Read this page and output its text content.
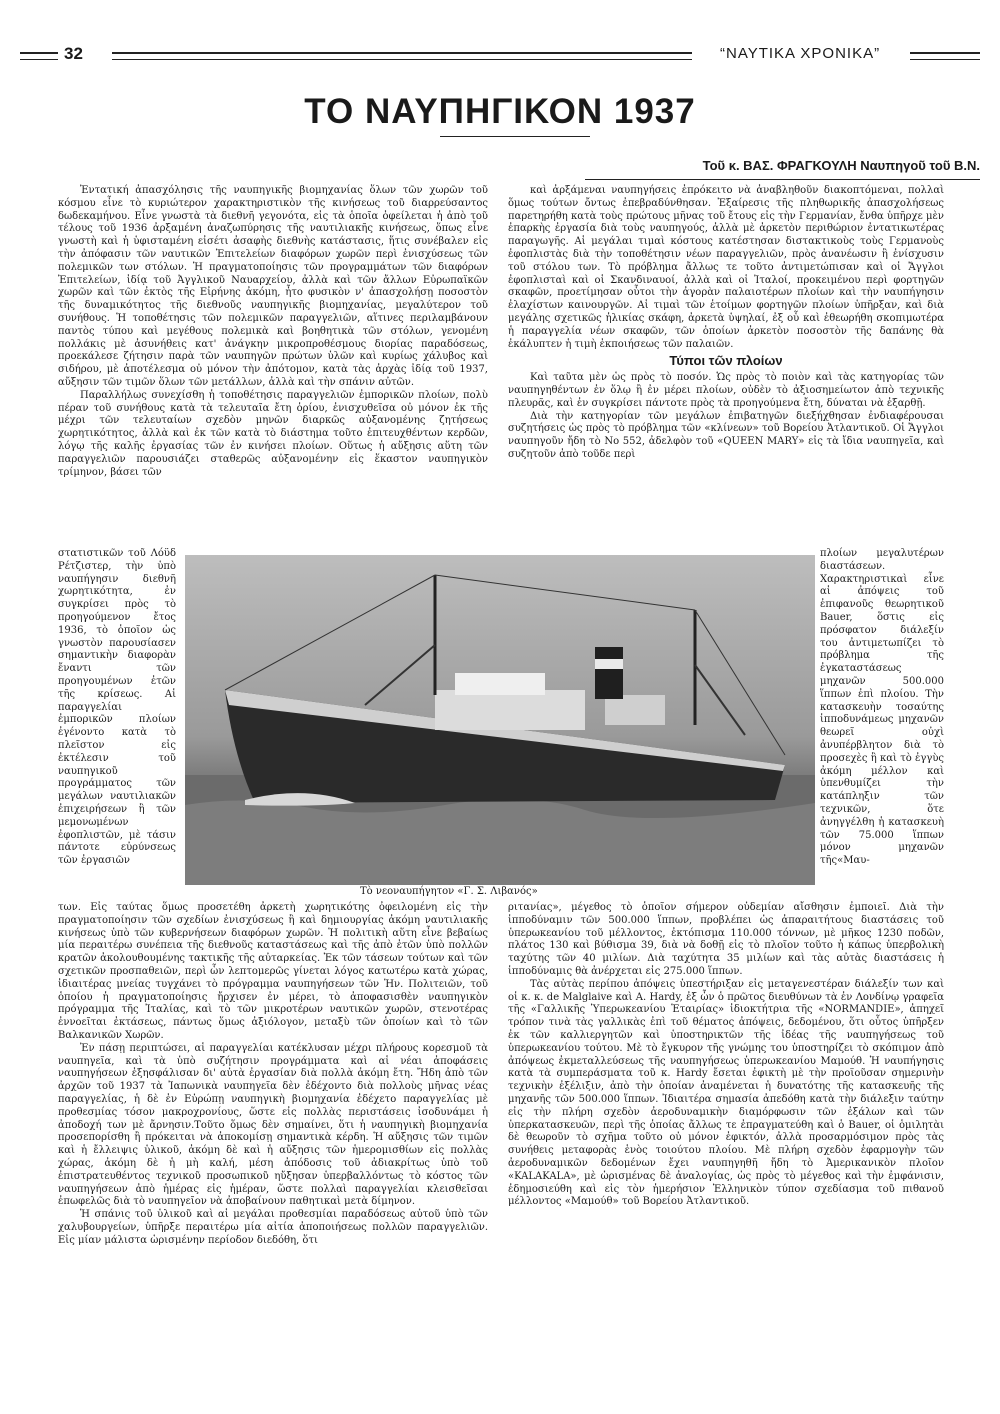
32	“ΝΑΥΤΙΚΑ ΧΡΟΝΙΚΑ”
ΤΟ ΝΑΥΠΗΓΙΚΟΝ 1937
Τοῦ κ. ΒΑΣ. ΦΡΑΓΚΟΥΛΗ Ναυπηγοῦ τοῦ Β.Ν.

Ἐντατική ἀπασχόλησις τῆς ναυπηγικῆς βιομηχανίας ὅλων τῶν χωρῶν τοῦ κόσμου εἶνε τὸ κυριώτερον χαρακτηριστικὸν τῆς κινήσεως τοῦ διαρρεύσαντος δωδεκαμήνου. Εἶνε γνωστὰ τὰ διεθνῆ γεγονότα, εἰς τὰ ὁποῖα ὀφείλεται ἡ ἀπὸ τοῦ τέλους τοῦ 1936 ἀρξαμένη ἀναζωπύρησις τῆς ναυτιλιακῆς κινήσεως, ὅπως εἶνε γνωστὴ καὶ ἡ ὑφισταμένη εἰσέτι ἀσαφὴς διεθνὴς κατάστασις, ἥτις συνέβαλεν εἰς τὴν ἀπόφασιν τῶν ναυτικῶν Ἐπιτελείων διαφόρων χωρῶν περὶ ἐνισχύσεως τῶν πολεμικῶν των στόλων. Ἡ πραγματοποίησις τῶν προγραμμάτων τῶν διαφόρων Ἐπιτελείων, ἰδίᾳ τοῦ Ἀγγλικοῦ Ναυαρχείου, ἀλλὰ καὶ τῶν ἄλλων Εὐρωπαϊκῶν χωρῶν καὶ τῶν ἐκτὸς τῆς Εἰρήνης ἀκόμη, ἦτο φυσικὸν ν' ἀπασχολήσῃ ποσοστὸν τῆς δυναμικότητος τῆς διεθνοῦς ναυπηγικῆς βιομηχανίας, μεγαλύτερον τοῦ συνήθους. Ἡ τοποθέτησις τῶν πολεμικῶν παραγγελιῶν, αἵτινες περιλαμβάνουν παντὸς τύπου καὶ μεγέθους πολεμικὰ καὶ βοηθητικὰ τῶν στόλων, γενομένη πολλάκις μὲ ἀσυνήθεις κατ' ἀνάγκην μικροπροθέσμους διορίας παραδόσεως, προεκάλεσε ζήτησιν παρὰ τῶν ναυπηγῶν πρώτων ὑλῶν καὶ κυρίως χάλυβος καὶ σιδήρου, μὲ ἀποτέλεσμα οὐ μόνον τὴν ἀπότομον, κατὰ τὰς ἀρχὰς ἰδίᾳ τοῦ 1937, αὔξησιν τῶν τιμῶν ὅλων τῶν μετάλλων, ἀλλὰ καὶ τὴν σπάνιν αὐτῶν.

Παραλλήλως συνεχίσθη ἡ τοποθέτησις παραγγελιῶν ἐμπορικῶν πλοίων, πολὺ πέραν τοῦ συνήθους κατὰ τὰ τελευταῖα ἔτη ὁρίου, ἐνισχυθεῖσα οὐ μόνον ἐκ τῆς μέχρι τῶν τελευταίων σχεδὸν μηνῶν διαρκῶς αὐξανομένης ζητήσεως χωρητικότητος, ἀλλὰ καὶ ἐκ τῶν κατὰ τὸ διάστημα τοῦτο ἐπιτευχθέντων κερδῶν, λόγῳ τῆς καλῆς ἐργασίας τῶν ἐν κινήσει πλοίων. Οὕτως ἡ αὔξησις αὕτη τῶν παραγγελιῶν παρουσιάζει σταθερῶς αὐξανομένην εἰς ἕκαστον ναυπηγικὸν τρίμηνον, βάσει τῶν

καὶ ἀρξάμεναι ναυπηγήσεις ἐπρόκειτο νὰ ἀναβληθοῦν διακοπτόμεναι, πολλαὶ ὅμως τούτων ὄντως ἐπεβραδύνθησαν. Ἐξαίρεσις τῆς πληθωρικῆς ἀπασχολήσεως παρετηρήθη κατὰ τοὺς πρώτους μῆνας τοῦ ἔτους εἰς τὴν Γερμανίαν, ἔνθα ὑπῆρχε μὲν ἐπαρκὴς ἐργασία διὰ τοὺς ναυπηγούς, ἀλλὰ μὲ ἀρκετὸν περιθώριον ἐντατικωτέρας παραγωγῆς. Αἱ μεγάλαι τιμαὶ κόστους κατέστησαν διστακτικοὺς τοὺς Γερμανοὺς ἐφοπλιστὰς διὰ τὴν τοποθέτησιν νέων παραγγελιῶν, πρὸς ἀνανέωσιν ἢ ἐνίσχυσιν τοῦ στόλου των. Τὸ πρόβλημα ἄλλως τε τοῦτο ἀντιμετώπισαν καὶ οἱ Ἄγγλοι ἐφοπλισταὶ καὶ οἱ Σκανδιναυοί, ἀλλὰ καὶ οἱ Ἰταλοί, προκειμένου περὶ φορτηγῶν σκαφῶν, προετίμησαν οὗτοι τὴν ἀγορὰν παλαιοτέρων πλοίων καὶ τὴν ναυπήγησιν ἐλαχίστων καινουργῶν. Αἱ τιμαὶ τῶν ἑτοίμων φορτηγῶν πλοίων ὑπῆρξαν, καὶ διὰ μεγάλης σχετικῶς ἡλικίας σκάφη, ἀρκετὰ ὑψηλαί, ἐξ οὗ καὶ ἐθεωρήθη σκοπιμωτέρα ἡ παραγγελία νέων σκαφῶν, τῶν ὁποίων ἀρκετὸν ποσοστὸν τῆς δαπάνης θὰ ἐκάλυπτεν ἡ τιμὴ ἐκποιήσεως τῶν παλαιῶν.

Τύποι τῶν πλοίων

Καὶ ταῦτα μὲν ὡς πρὸς τὸ ποσόν. Ὡς πρὸς τὸ ποιὸν καὶ τὰς κατηγορίας τῶν ναυπηγηθέντων ἐν ὅλῳ ἢ ἐν μέρει πλοίων, οὐδὲν τὸ ἀξιοσημείωτον ἀπὸ τεχνικῆς πλευρᾶς, καὶ ἐν συγκρίσει πάντοτε πρὸς τὰ προηγούμενα ἔτη, δύναται νὰ ἐξαρθῇ.

Διὰ τὴν κατηγορίαν τῶν μεγάλων ἐπιβατηγῶν διεξήχθησαν ἐνδιαφέρουσαι συζητήσεις ὡς πρὸς τὸ πρόβλημα τῶν «κλίνεων» τοῦ Βορείου Ἀτλαντικοῦ. Οἱ Ἄγγλοι ναυπηγοῦν ἤδη τὸ Νο 552, ἀδελφὸν τοῦ «QUEEN MARY» εἰς τὰ ἴδια ναυπηγεῖα, καὶ συζητοῦν ἀπὸ τοῦδε περὶ

στατιστικῶν τοῦ Λόϋδ Ρέτζιστερ, τὴν ὑπὸ ναυπήγησιν διεθνῆ χωρητικότητα, ἐν συγκρίσει πρὸς τὸ προηγούμενον ἔτος 1936, τὸ ὁποῖον ὡς γνωστὸν παρουσίασεν σημαντικὴν διαφορὰν ἔναντι τῶν προηγουμένων ἐτῶν τῆς κρίσεως. Αἱ παραγγελίαι ἐμπορικῶν πλοίων ἐγένοντο κατὰ τὸ πλεῖστον εἰς ἐκτέλεσιν τοῦ ναυπηγικοῦ προγράμματος τῶν μεγάλων ναυτιλιακῶν ἐπιχειρήσεων ἢ τῶν μεμονωμένων ἐφοπλιστῶν, μὲ τάσιν πάντοτε εὐρύνσεως τῶν ἐργασιῶν

πλοίων μεγαλυτέρων διαστάσεων. Χαρακτηριστικαὶ εἶνε αἱ ἀπόψεις τοῦ ἐπιφανοῦς θεωρητικοῦ Bauer, ὅστις εἰς πρόσφατον διάλεξίν του ἀντιμετωπίζει τὸ πρόβλημα τῆς ἐγκαταστάσεως μηχανῶν 500.000 ἵππων ἐπὶ πλοίου. Τὴν κατασκευὴν τοσαύτης ἱπποδυνάμεως μηχανῶν θεωρεῖ οὐχὶ ἀνυπέρβλητον διὰ τὸ προσεχὲς ἢ καὶ τὸ ἐγγὺς ἀκόμη μέλλον καὶ ὑπενθυμίζει τὴν κατάπληξιν τῶν τεχνικῶν, ὅτε ἀνηγγέλθη ἡ κατασκευὴ τῶν 75.000 ἵππων μόνον μηχανῶν τῆς«Μαυ-

Τὸ νεοναυπήγητον «Γ. Σ. Λιβανός»

των. Εἰς ταύτας ὅμως προσετέθη ἀρκετὴ χωρητικότης ὀφειλομένη εἰς τὴν πραγματοποίησιν τῶν σχεδίων ἐνισχύσεως ἢ καὶ δημιουργίας ἀκόμη ναυτιλιακῆς κινήσεως ὑπὸ τῶν κυβερνήσεων διαφόρων χωρῶν. Ἡ πολιτικὴ αὕτη εἶνε βεβαίως μία περαιτέρω συνέπεια τῆς διεθνοῦς καταστάσεως καὶ τῆς ἀπὸ ἐτῶν ὑπὸ πολλῶν κρατῶν ἀκολουθουμένης τακτικῆς τῆς αὐταρκείας. Ἐκ τῶν τάσεων τούτων καὶ τῶν σχετικῶν προσπαθειῶν, περὶ ὧν λεπτομερῶς γίνεται λόγος κατωτέρω κατὰ χώρας, ἰδιαιτέρας μνείας τυγχάνει τὸ πρόγραμμα ναυπηγήσεων τῶν Ἡν. Πολιτειῶν, τοῦ ὁποίου ἡ πραγματοποίησις ἤρχισεν ἐν μέρει, τὸ ἀποφασισθὲν ναυπηγικὸν πρόγραμμα τῆς Ἰταλίας, καὶ τὸ τῶν μικροτέρων ναυτικῶν χωρῶν, στενοτέρας ἐννοεῖται ἐκτάσεως, πάντως ὅμως ἀξιόλογον, μεταξὺ τῶν ὁποίων καὶ τὸ τῶν Βαλκανικῶν Χωρῶν.

Ἐν πάσῃ περιπτώσει, αἱ παραγγελίαι κατέκλυσαν μέχρι πλήρους κορεσμοῦ τὰ ναυπηγεῖα, καὶ τὰ ὑπὸ συζήτησιν προγράμματα καὶ αἱ νέαι ἀποφάσεις ναυπηγήσεων ἐξησφάλισαν δι' αὐτὰ ἐργασίαν διὰ πολλὰ ἀκόμη ἔτη. Ἤδη ἀπὸ τῶν ἀρχῶν τοῦ 1937 τὰ Ἰαπωνικὰ ναυπηγεῖα δὲν ἐδέχοντο διὰ πολλοὺς μῆνας νέας παραγγελίας, ἡ δὲ ἐν Εὐρώπῃ ναυπηγικὴ βιομηχανία ἐδέχετο παραγγελίας μὲ προθεσμίας τόσον μακροχρονίους, ὥστε εἰς πολλὰς περιστάσεις ἰσοδυνάμει ἡ ἀποδοχή των μὲ ἄρνησιν.Τοῦτο ὅμως δὲν σημαίνει, ὅτι ἡ ναυπηγικὴ βιομηχανία προσεπορίσθη ἢ πρόκειται νὰ ἀποκομίσῃ σημαντικὰ κέρδη. Ἡ αὔξησις τῶν τιμῶν καὶ ἡ ἔλλειψις ὑλικοῦ, ἀκόμη δὲ καὶ ἡ αὔξησις τῶν ἡμερομισθίων εἰς πολλὰς χώρας, ἀκόμη δὲ ἡ μὴ καλή, μέση ἀπόδοσις τοῦ ἀδιακρίτως ὑπὸ τοῦ ἐπιστρατευθέντος τεχνικοῦ προσωπικοῦ ηὔξησαν ὑπερβαλλόντως τὸ κόστος τῶν ναυπηγήσεων ἀπὸ ἡμέρας εἰς ἡμέραν, ὥστε πολλαὶ παραγγελίαι κλεισθεῖσαι ἐπωφελῶς διὰ τὸ ναυπηγεῖον νὰ ἀποβαίνουν παθητικαὶ μετὰ δίμηνον.

Ἡ σπάνις τοῦ ὑλικοῦ καὶ αἱ μεγάλαι προθεσμίαι παραδόσεως αὐτοῦ ὑπὸ τῶν χαλυβουργείων, ὑπῆρξε περαιτέρω μία αἰτία ἀποποιήσεως πολλῶν παραγγελιῶν. Εἰς μίαν μάλιστα ὡρισμένην περίοδον διεδόθη, ὅτι

ριτανίας», μέγεθος τὸ ὁποῖον σήμερον οὐδεμίαν αἴσθησιν ἐμποιεῖ. Διὰ τὴν ἱπποδύναμιν τῶν 500.000 ἵππων, προβλέπει ὡς ἀπαραιτήτους διαστάσεις τοῦ ὑπερωκεανίου τοῦ μέλλοντος, ἐκτόπισμα 110.000 τόννων, μὲ μῆκος 1230 ποδῶν, πλάτος 130 καὶ βύθισμα 39, διὰ νὰ δοθῇ εἰς τὸ πλοῖον τοῦτο ἡ κάπως ὑπερβολικὴ ταχύτης τῶν 40 μιλίων. Διὰ ταχύτητα 35 μιλίων καὶ τὰς αὐτὰς διαστάσεις ἡ ἱπποδύναμις θὰ ἀνέρχεται εἰς 275.000 ἵππων.

Τὰς αὐτὰς περίπου ἀπόψεις ὑπεστήριξαν εἰς μεταγενεστέραν διάλεξίν των καὶ οἱ κ. κ. de Malglaive καὶ A. Hardy, ἐξ ὧν ὁ πρῶτος διευθύνων τὰ ἐν Λονδίνῳ γραφεῖα τῆς «Γαλλικῆς Ὑπερωκεανίου Ἑταιρίας» ἰδιοκτήτρια τῆς «NORMANDIE», ἀπηχεῖ τρόπον τινὰ τὰς γαλλικὰς ἐπὶ τοῦ θέματος ἀπόψεις, δεδομένου, ὅτι οὗτος ὑπῆρξεν ἐκ τῶν καλλιεργητῶν καὶ ὑποστηρικτῶν τῆς ἰδέας τῆς ναυπηγήσεως τοῦ ὑπερωκεανίου τούτου. Μὲ τὸ ἔγκυρον τῆς γνώμης του ὑποστηρίζει τὸ σκόπιμον ἀπὸ ἀπόψεως ἐκμεταλλεύσεως τῆς ναυπηγήσεως ὑπερωκεανίου Μαμούθ. Ἡ ναυπήγησις κατὰ τὰ συμπεράσματα τοῦ κ. Hardy ἔσεται ἐφικτὴ μὲ τὴν προϊοῦσαν σημερινὴν τεχνικὴν ἐξέλιξιν, ἀπὸ τὴν ὁποίαν ἀναμένεται ἡ δυνατότης τῆς κατασκευῆς τῆς μηχανῆς τῶν 500.000 ἵππων. Ἰδιαιτέρα σημασία ἀπεδόθη κατὰ τὴν διάλεξιν ταύτην εἰς τὴν πλήρη σχεδὸν ἀεροδυναμικὴν διαμόρφωσιν τῶν ἐξάλων καὶ τῶν ὑπερκατασκευῶν, περὶ τῆς ὁποίας ἄλλως τε ἐπραγματεύθη καὶ ὁ Bauer, οἱ ὁμιλητὰι δὲ θεωροῦν τὸ σχῆμα τοῦτο οὐ μόνον ἐφικτόν, ἀλλὰ προσαρμόσιμον πρὸς τὰς συνήθεις μεταφορὰς ἑνὸς τοιούτου πλοίου. Μὲ πλήρη σχεδὸν ἐφαρμογὴν τῶν ἀεροδυναμικῶν δεδομένων ἔχει ναυπηγηθῆ ἤδη τὸ Ἀμερικανικὸν πλοῖον «KALAKALA», μὲ ὡρισμένας δὲ ἀναλογίας, ὡς πρὸς τὸ μέγεθος καὶ τὴν ἐμφάνισιν, ἐδημοσιεύθη καὶ εἰς τὸν ἡμερήσιον Ἑλληνικὸν τύπον σχεδίασμα τοῦ πιθανοῦ μέλλοντος «Μαμούθ» τοῦ Βορείου Ἀτλαντικοῦ.
